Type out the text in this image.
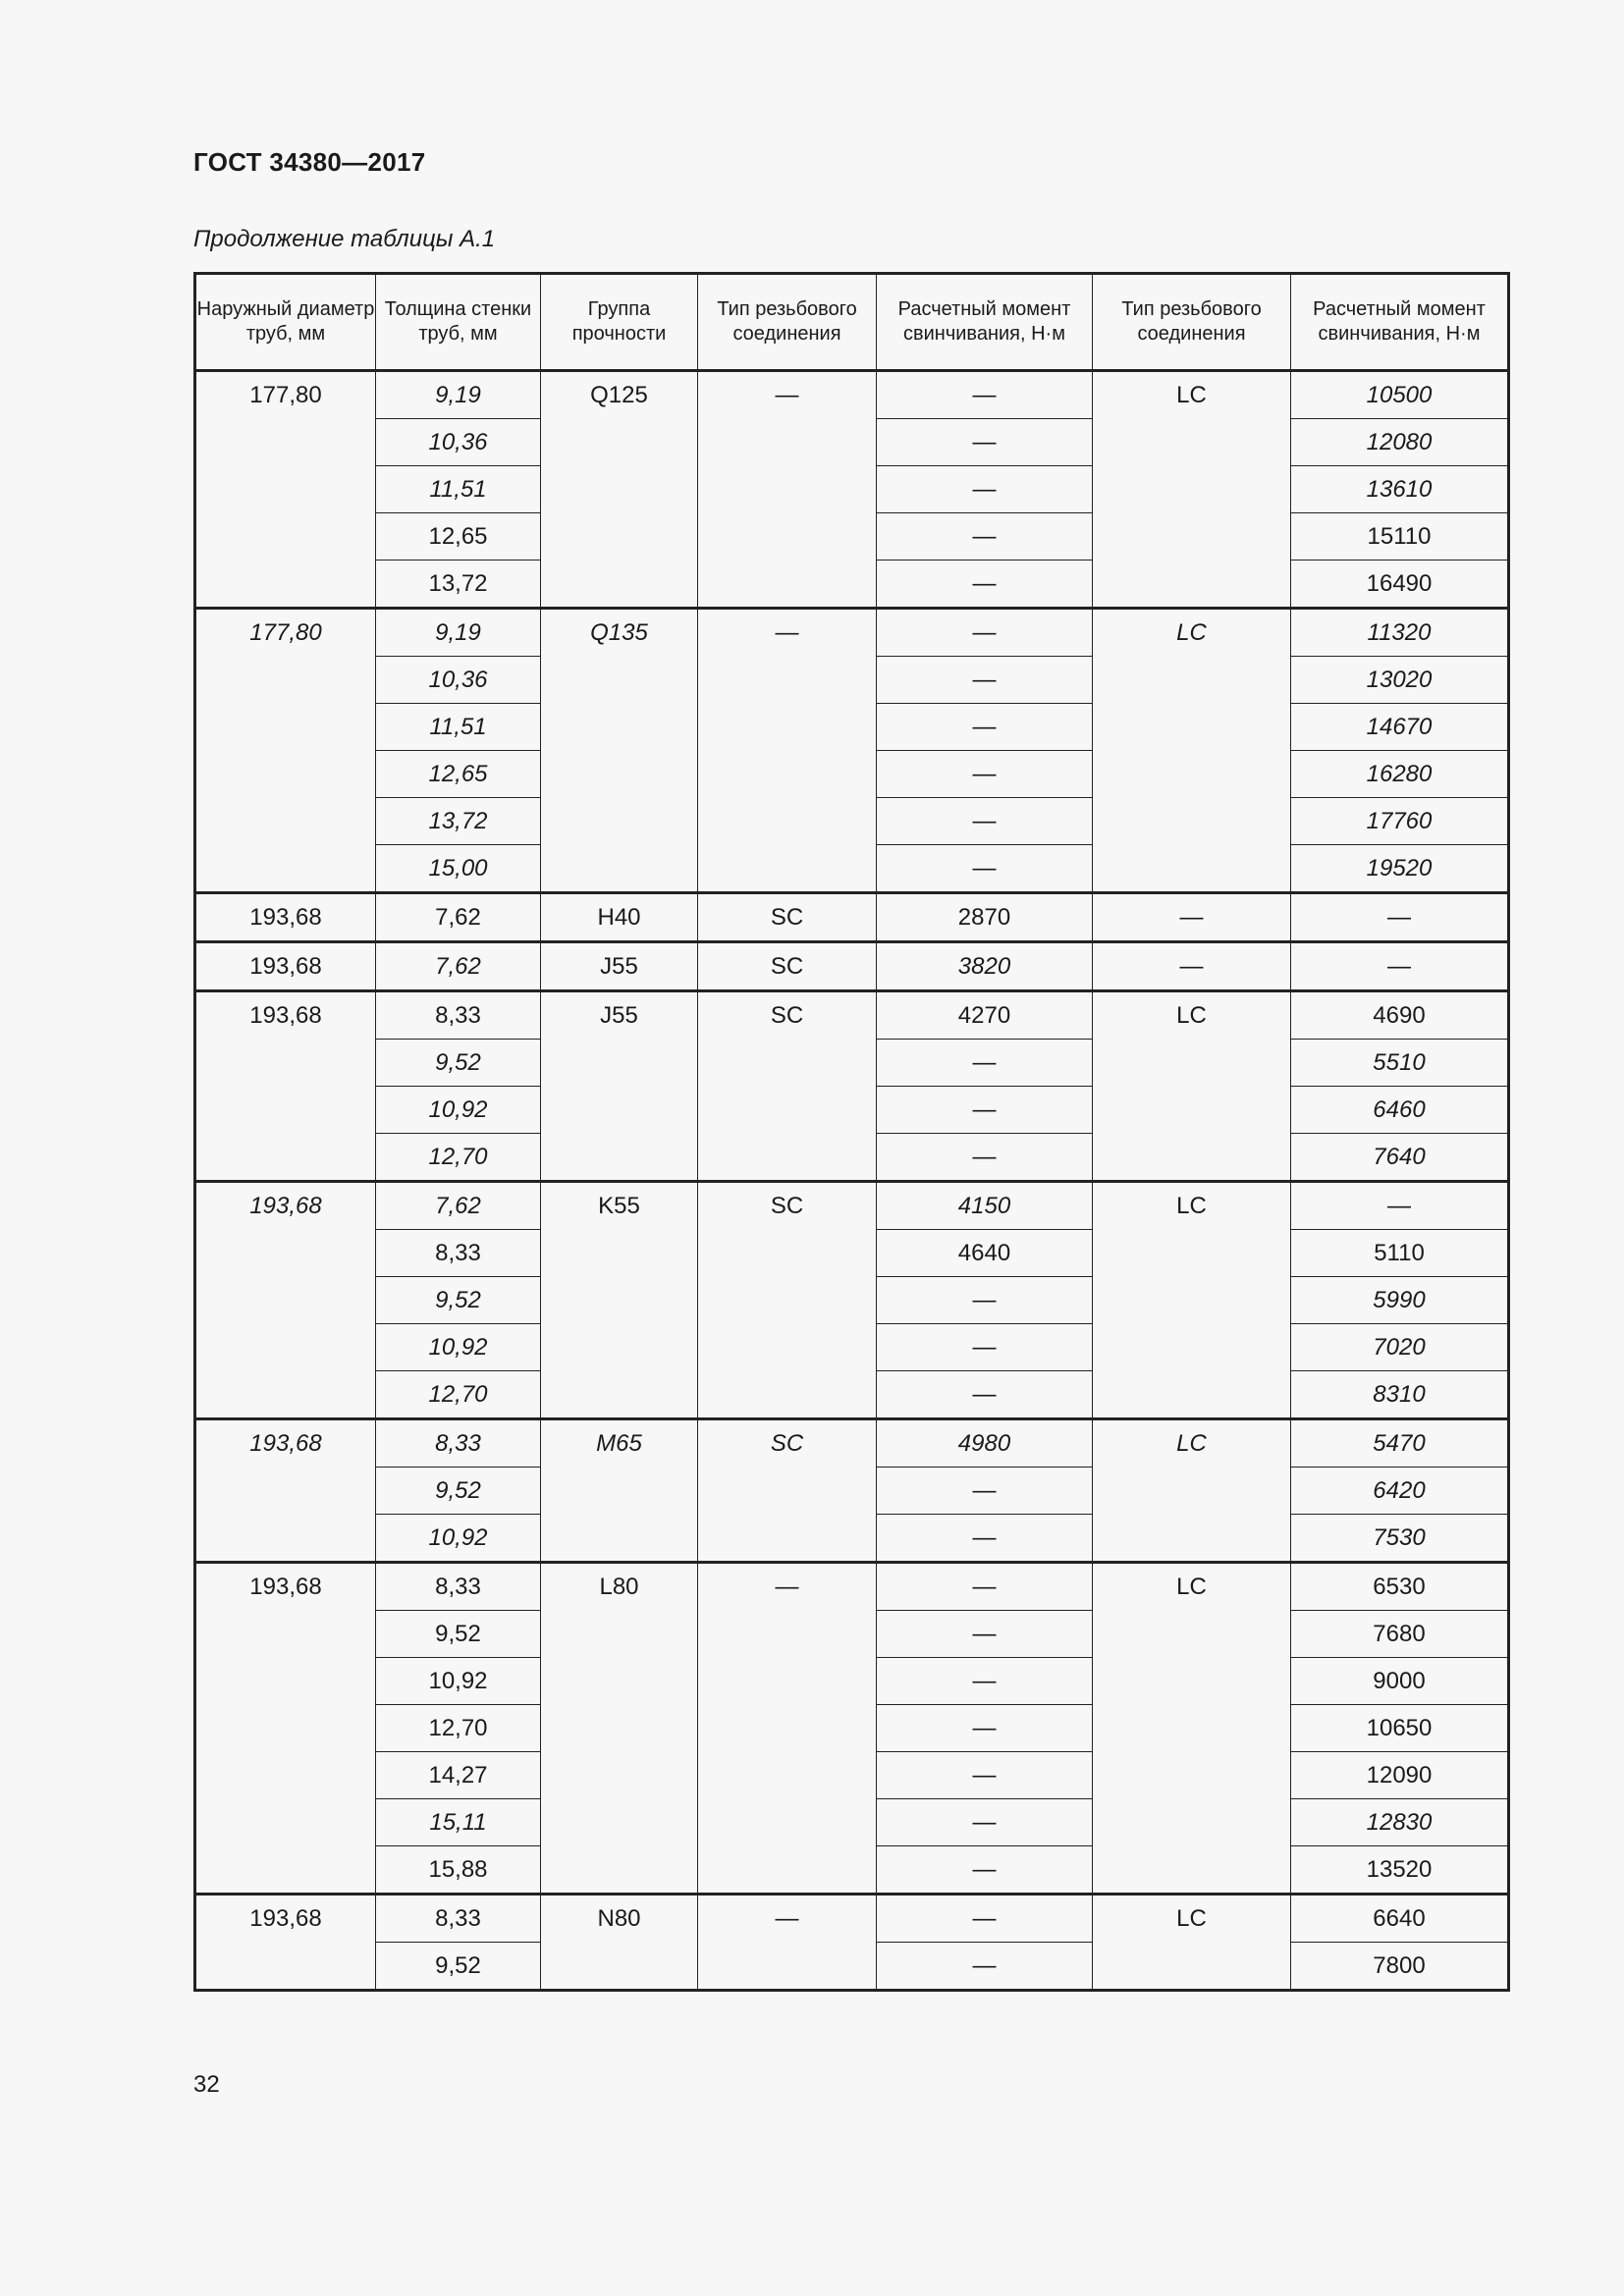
ГОСТ 34380—2017
Продолжение таблицы А.1
Наружный диаметр труб, мм	Толщина стенки труб, мм	Группа прочности	Тип резьбового соединения	Расчетный момент свинчивания, Н·м	Тип резьбового соединения	Расчетный момент свинчивания, Н·м
177,80	9,19	Q125	—	—	LC	10500
	10,36			—		12080
	11,51			—		13610
	12,65			—		15110
	13,72			—		16490
177,80	9,19	Q135	—	—	LC	11320
	10,36			—		13020
	11,51			—		14670
	12,65			—		16280
	13,72			—		17760
	15,00			—		19520
193,68	7,62	H40	SC	2870	—	—
193,68	7,62	J55	SC	3820	—	—
193,68	8,33	J55	SC	4270	LC	4690
	9,52			—		5510
	10,92			—		6460
	12,70			—		7640
193,68	7,62	K55	SC	4150	LC	—
	8,33			4640		5110
	9,52			—		5990
	10,92			—		7020
	12,70			—		8310
193,68	8,33	M65	SC	4980	LC	5470
	9,52			—		6420
	10,92			—		7530
193,68	8,33	L80	—	—	LC	6530
	9,52			—		7680
	10,92			—		9000
	12,70			—		10650
	14,27			—		12090
	15,11			—		12830
	15,88			—		13520
193,68	8,33	N80	—	—	LC	6640
	9,52			—		7800
32
